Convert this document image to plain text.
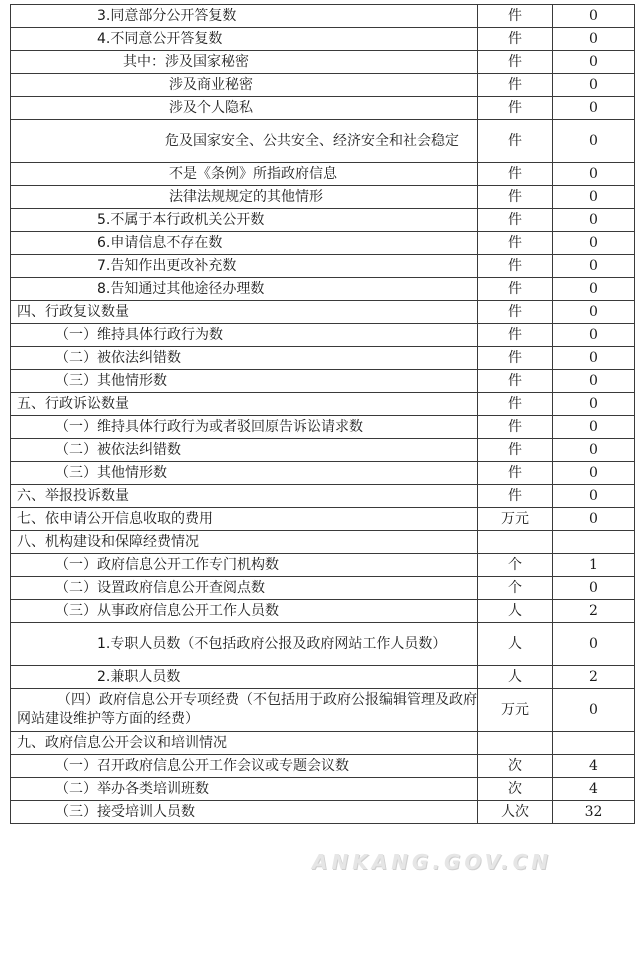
3.同意部分公开答复数	件	0
4.不同意公开答复数	件	0
其中：涉及国家秘密	件	0
涉及商业秘密	件	0
涉及个人隐私	件	0
危及国家安全、公共安全、经济安全和社会稳定	件	0
不是《条例》所指政府信息	件	0
法律法规规定的其他情形	件	0
5.不属于本行政机关公开数	件	0
6.申请信息不存在数	件	0
7.告知作出更改补充数	件	0
8.告知通过其他途径办理数	件	0
四、行政复议数量	件	0
（一）维持具体行政行为数	件	0
（二）被依法纠错数	件	0
（三）其他情形数	件	0
五、行政诉讼数量	件	0
（一）维持具体行政行为或者驳回原告诉讼请求数	件	0
（二）被依法纠错数	件	0
（三）其他情形数	件	0
六、举报投诉数量	件	0
七、依申请公开信息收取的费用	万元	0
八、机构建设和保障经费情况		
（一）政府信息公开工作专门机构数	个	1
（二）设置政府信息公开查阅点数	个	0
（三）从事政府信息公开工作人员数	人	2
1.专职人员数（不包括政府公报及政府网站工作人员数）	人	0
2.兼职人员数	人	2
（四）政府信息公开专项经费（不包括用于政府公报编辑管理及政府网站建设维护等方面的经费）	万元	0
九、政府信息公开会议和培训情况		
（一）召开政府信息公开工作会议或专题会议数	次	4
（二）举办各类培训班数	次	4
（三）接受培训人员数	人次	32
ANKANG.GOV.CN
